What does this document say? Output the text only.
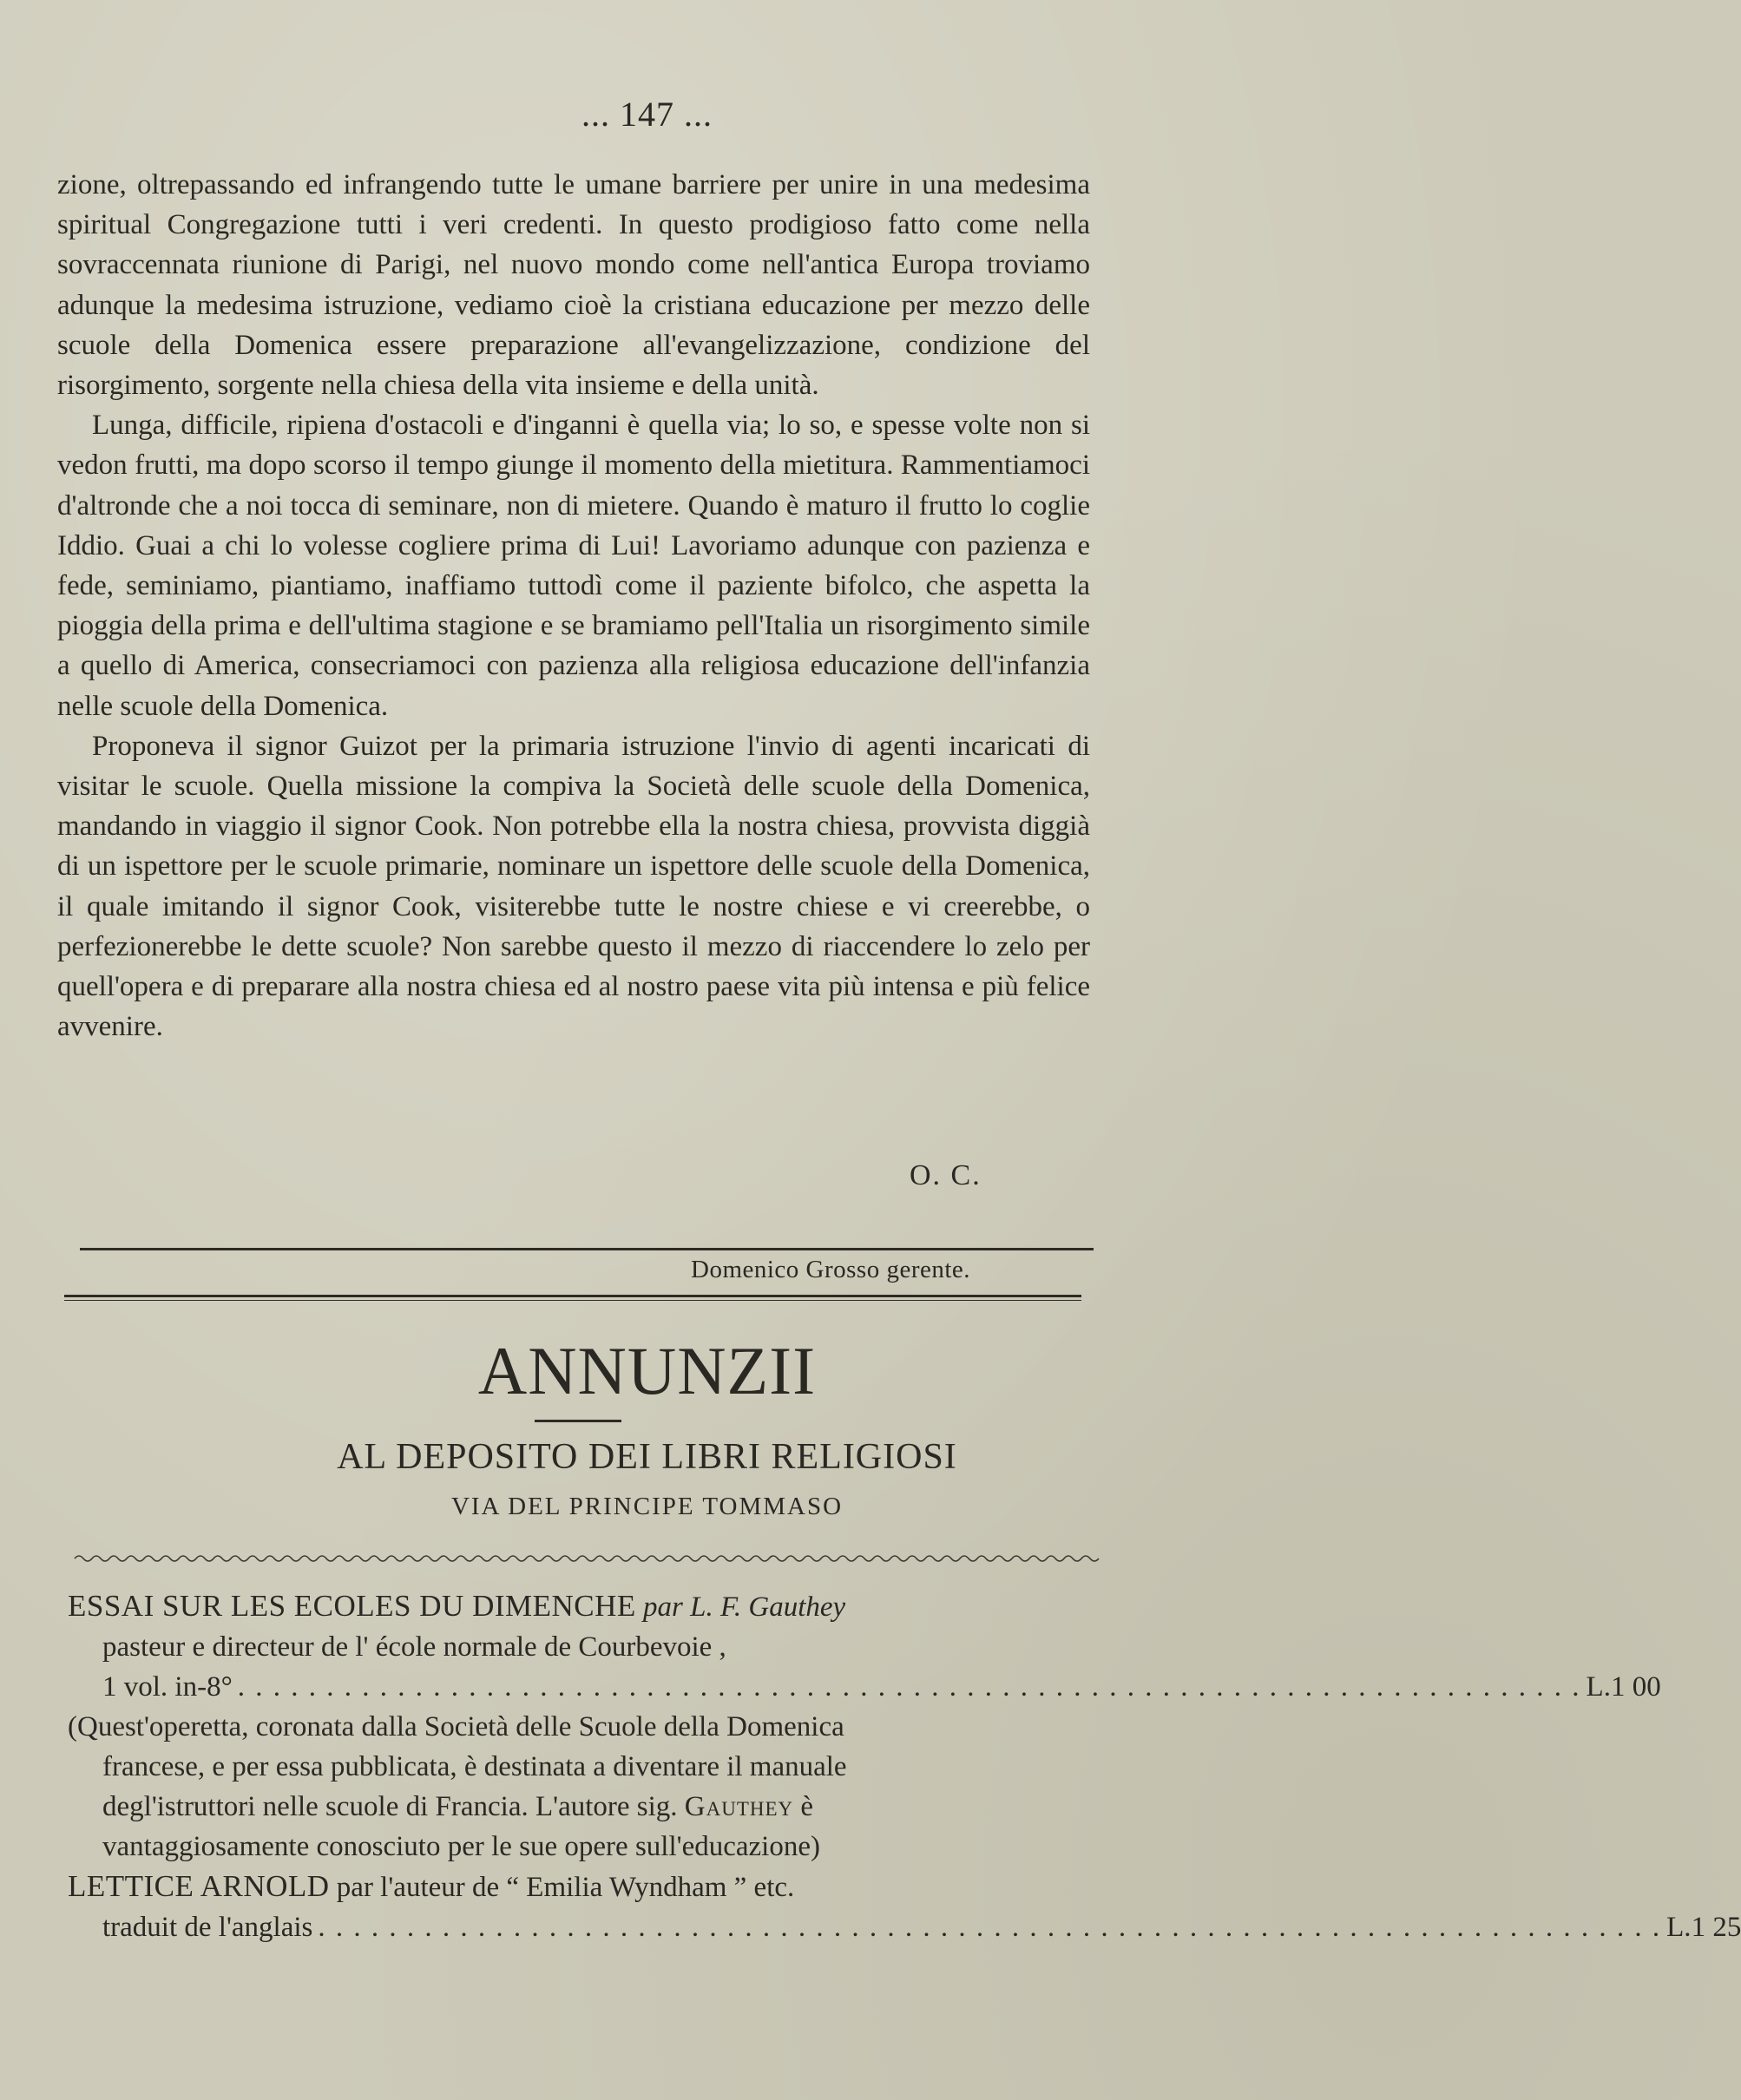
... 147 ...

zione, oltrepassando ed infrangendo tutte le umane barriere per unire in una medesima spiritual Congregazione tutti i veri credenti. In questo prodigioso fatto come nella sovraccennata riunione di Parigi, nel nuovo mondo come nell'antica Europa troviamo adunque la medesima istruzione, vediamo cioè la cristiana educazione per mezzo delle scuole della Domenica essere preparazione all'evangelizzazione, condizione del risorgimento, sorgente nella chiesa della vita insieme e della unità.

Lunga, difficile, ripiena d'ostacoli e d'inganni è quella via; lo so, e spesse volte non si vedon frutti, ma dopo scorso il tempo giunge il momento della mietitura. Rammentiamoci d'altronde che a noi tocca di seminare, non di mietere. Quando è maturo il frutto lo coglie Iddio. Guai a chi lo volesse cogliere prima di Lui! Lavoriamo adunque con pazienza e fede, seminiamo, piantiamo, inaffiamo tuttodì come il paziente bifolco, che aspetta la pioggia della prima e dell'ultima stagione e se bramiamo pell'Italia un risorgimento simile a quello di America, consecriamoci con pazienza alla religiosa educazione dell'infanzia nelle scuole della Domenica.

Proponeva il signor Guizot per la primaria istruzione l'invio di agenti incaricati di visitar le scuole. Quella missione la compiva la Società delle scuole della Domenica, mandando in viaggio il signor Cook. Non potrebbe ella la nostra chiesa, provvista diggià di un ispettore per le scuole primarie, nominare un ispettore delle scuole della Domenica, il quale imitando il signor Cook, visiterebbe tutte le nostre chiese e vi creerebbe, o perfezionerebbe le dette scuole? Non sarebbe questo il mezzo di riaccendere lo zelo per quell'opera e di preparare alla nostra chiesa ed al nostro paese vita più intensa e più felice avvenire.

O. C.
Domenico Grosso gerente.
ANNUNZII
AL DEPOSITO DEI LIBRI RELIGIOSI
VIA DEL PRINCIPE TOMMASO
ESSAI SUR LES ECOLES DU DIMENCHE par L. F. Gauthey
pasteur e directeur de l' école normale de Courbevoie ,
1 vol. in-8° . . . . . . . . . . . . . . . . . . . . . . . . . . . . . . . . . . . . . . . . . . . . . . . . . . . . . . . . . . . . . . . . . . . . . . . . . . . . L. 1 00
(Quest'operetta, coronata dalla Società delle Scuole della Domenica
francese, e per essa pubblicata, è destinata a diventare il manuale
degl'istruttori nelle scuole di Francia. L'autore sig. Gauthey è
vantaggiosamente conosciuto per le sue opere sull'educazione)
LETTICE ARNOLD par l'auteur de “ Emilia Wyndham ” etc.
traduit de l'anglais . . . . . . . . . . . . . . . . . . . . . . . . . . . . . . . . . . . . . . . . . . . . . . . . . . . . . . . . . . . . . . . . . . . . . . . . . . . . L. 1 25
